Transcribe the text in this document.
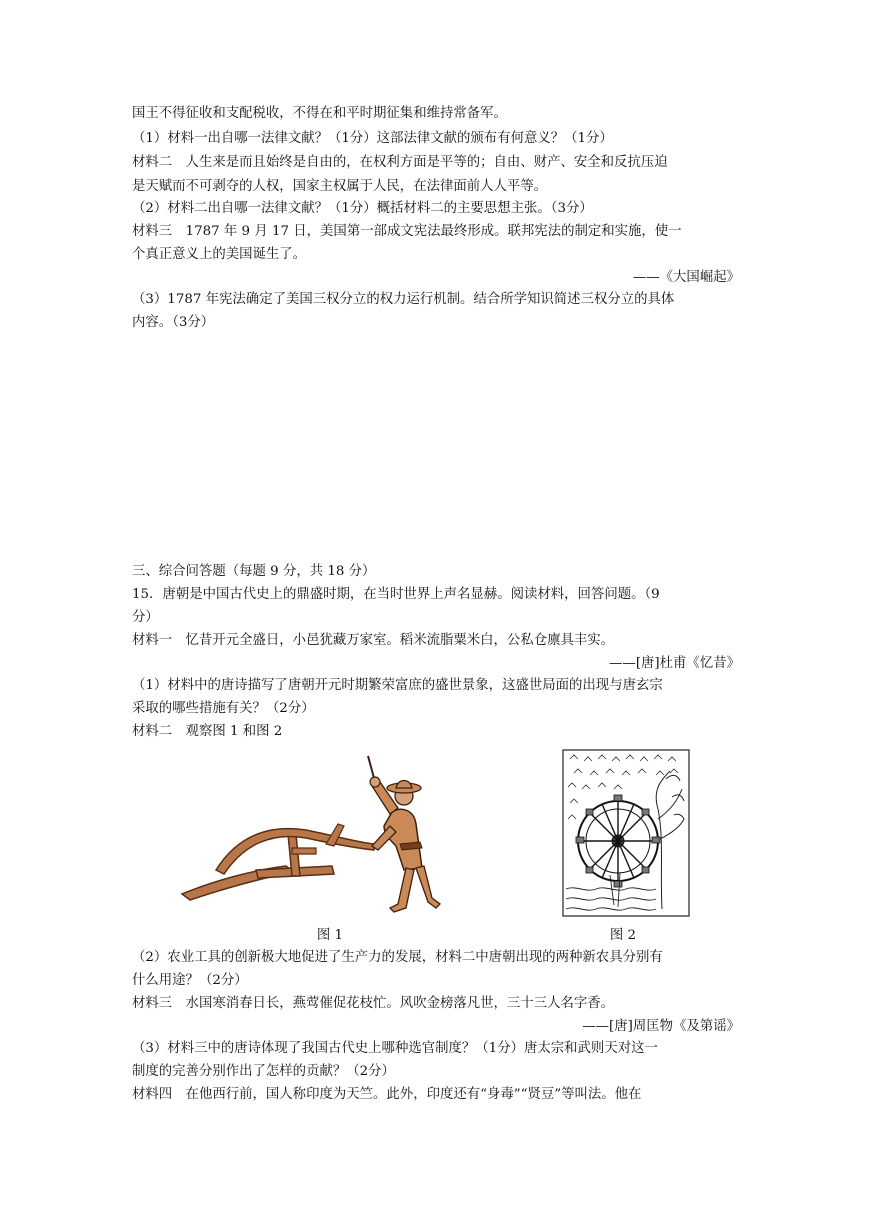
国王不得征收和支配税收，不得在和平时期征集和维持常备军。
（1）材料一出自哪一法律文献？（1分）这部法律文献的颁布有何意义？（1分）
材料二　人生来是而且始终是自由的，在权利方面是平等的；自由、财产、安全和反抗压迫
是天赋而不可剥夺的人权，国家主权属于人民，在法律面前人人平等。
（2）材料二出自哪一法律文献？（1分）概括材料二的主要思想主张。（3分）
材料三　1787 年 9 月 17 日，美国第一部成文宪法最终形成。联邦宪法的制定和实施，使一
个真正意义上的美国诞生了。
——《大国崛起》
（3）1787 年宪法确定了美国三权分立的权力运行机制。结合所学知识简述三权分立的具体
内容。（3分）
三、综合问答题（每题 9 分，共 18 分）
15．唐朝是中国古代史上的鼎盛时期，在当时世界上声名显赫。阅读材料，回答问题。（9
分）
材料一　忆昔开元全盛日，小邑犹藏万家室。稻米流脂粟米白，公私仓廪具丰实。
——[唐]杜甫《忆昔》
（1）材料中的唐诗描写了唐朝开元时期繁荣富庶的盛世景象，这盛世局面的出现与唐玄宗
采取的哪些措施有关？（2分）
材料二　观察图 1 和图 2
图 1	图 2
（2）农业工具的创新极大地促进了生产力的发展，材料二中唐朝出现的两种新农具分别有
什么用途？（2分）
材料三　水国寒消春日长，燕莺催促花枝忙。风吹金榜落凡世，三十三人名字香。
——[唐]周匡物《及第谣》
（3）材料三中的唐诗体现了我国古代史上哪种选官制度？（1分）唐太宗和武则天对这一
制度的完善分别作出了怎样的贡献？（2分）
材料四　在他西行前，国人称印度为天竺。此外，印度还有“身毒”“贤豆”等叫法。他在
